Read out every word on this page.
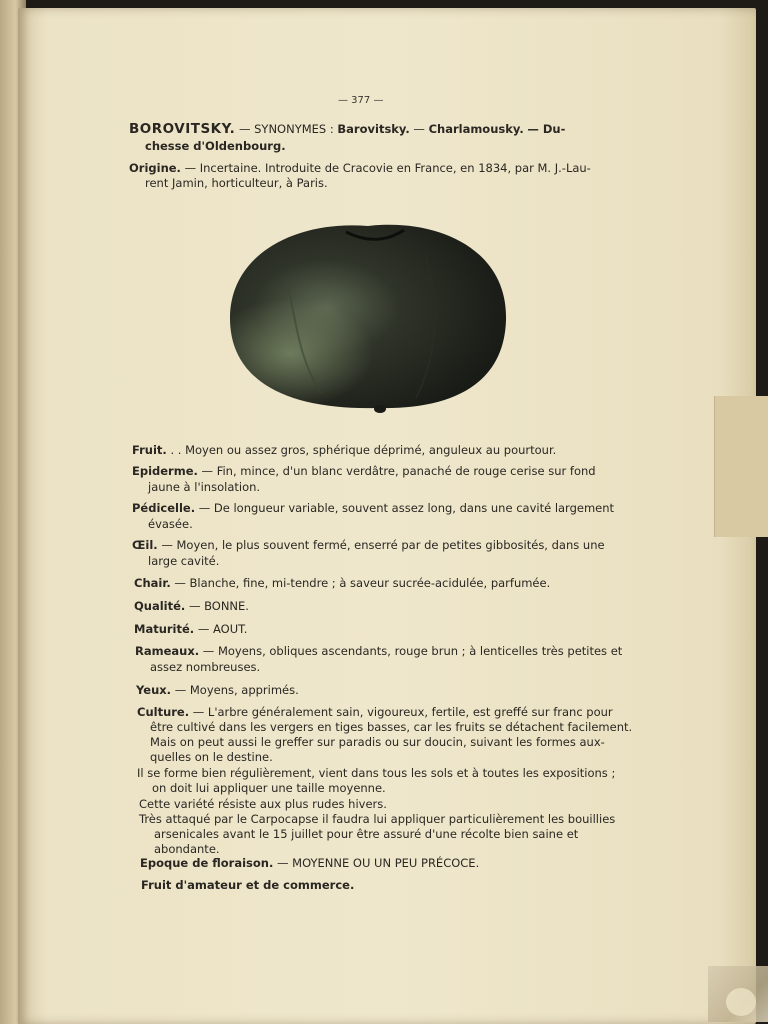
— 377 —
BOROVITSKY. — SYNONYMES : Barovitsky. — Charlamousky. — Du-
chesse d'Oldenbourg.
Origine. — Incertaine. Introduite de Cracovie en France, en 1834, par M. J.-Lau-
rent Jamin, horticulteur, à Paris.
Fruit. . . Moyen ou assez gros, sphérique déprimé, anguleux au pourtour.
Epiderme. — Fin, mince, d'un blanc verdâtre, panaché de rouge cerise sur fond
jaune à l'insolation.
Pédicelle. — De longueur variable, souvent assez long, dans une cavité largement
évasée.
Œil. — Moyen, le plus souvent fermé, enserré par de petites gibbosités, dans une
large cavité.
Chair. — Blanche, fine, mi-tendre ; à saveur sucrée-acidulée, parfumée.
Qualité. — BONNE.
Maturité. — AOUT.
Rameaux. — Moyens, obliques ascendants, rouge brun ; à lenticelles très petites et
assez nombreuses.
Yeux. — Moyens, apprimés.
Culture. — L'arbre généralement sain, vigoureux, fertile, est greffé sur franc pour
être cultivé dans les vergers en tiges basses, car les fruits se détachent facilement.
Mais on peut aussi le greffer sur paradis ou sur doucin, suivant les formes aux-
quelles on le destine.
Il se forme bien régulièrement, vient dans tous les sols et à toutes les expositions ;
on doit lui appliquer une taille moyenne.
Cette variété résiste aux plus rudes hivers.
Très attaqué par le Carpocapse il faudra lui appliquer particulièrement les bouillies
arsenicales avant le 15 juillet pour être assuré d'une récolte bien saine et
abondante.
Epoque de floraison. — MOYENNE OU UN PEU PRÉCOCE.
Fruit d'amateur et de commerce.
